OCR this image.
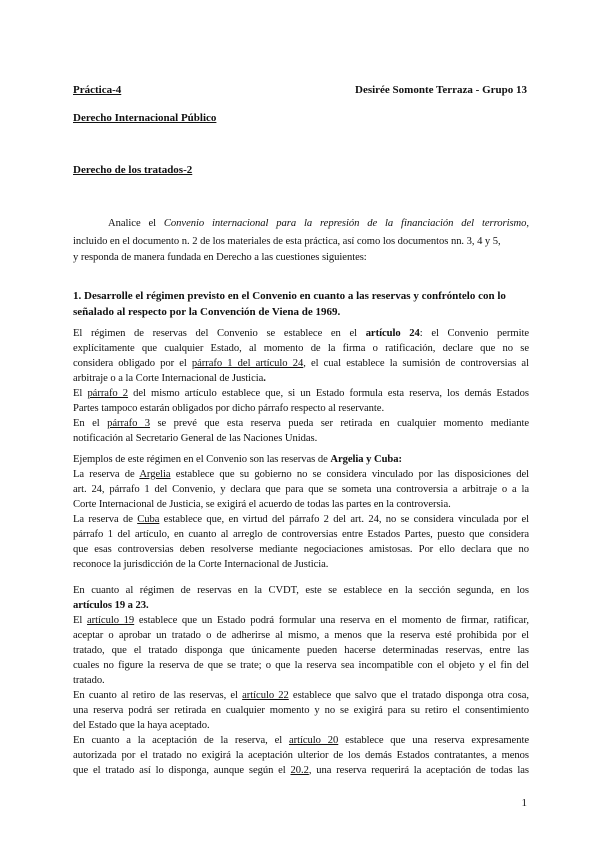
Práctica-4	Desirée Somonte Terraza - Grupo 13
Derecho Internacional Público
Derecho de los tratados-2
Analice el Convenio internacional para la represión de la financiación del terrorismo,
incluido en el documento n. 2 de los materiales de esta práctica, así como los documentos nn. 3, 4 y 5,
y responda de manera fundada en Derecho a las cuestiones siguientes:
1. Desarrolle el régimen previsto en el Convenio en cuanto a las reservas y confróntelo con lo
señalado al respecto por la Convención de Viena de 1969.
El régimen de reservas del Convenio se establece en el artículo 24: el Convenio permite
explícitamente que cualquier Estado, al momento de la firma o ratificación, declare que no se
considera obligado por el párrafo 1 del artículo 24, el cual establece la sumisión de controversias al
arbitraje o a la Corte Internacional de Justicia.
El párrafo 2 del mismo artículo establece que, si un Estado formula esta reserva, los demás Estados
Partes tampoco estarán obligados por dicho párrafo respecto al reservante.
En el párrafo 3 se prevé que esta reserva pueda ser retirada en cualquier momento mediante
notificación al Secretario General de las Naciones Unidas.
Ejemplos de este régimen en el Convenio son las reservas de Argelia y Cuba:
La reserva de Argelia establece que su gobierno no se considera vinculado por las disposiciones del
art. 24, párrafo 1 del Convenio, y declara que para que se someta una controversia a arbitraje o a la
Corte Internacional de Justicia, se exigirá el acuerdo de todas las partes en la controversia.
La reserva de Cuba establece que, en virtud del párrafo 2 del art. 24, no se considera vinculada por el
párrafo 1 del artículo, en cuanto al arreglo de controversias entre Estados Partes, puesto que considera
que esas controversias deben resolverse mediante negociaciones amistosas. Por ello declara que no
reconoce la jurisdicción de la Corte Internacional de Justicia.
En cuanto al régimen de reservas en la CVDT, este se establece en la sección segunda, en los
artículos 19 a 23.
El artículo 19 establece que un Estado podrá formular una reserva en el momento de firmar, ratificar,
aceptar o aprobar un tratado o de adherirse al mismo, a menos que la reserva esté prohibida por el
tratado, que el tratado disponga que únicamente pueden hacerse determinadas reservas, entre las
cuales no figure la reserva de que se trate; o que la reserva sea incompatible con el objeto y el fin del
tratado.
En cuanto al retiro de las reservas, el artículo 22 establece que salvo que el tratado disponga otra cosa,
una reserva podrá ser retirada en cualquier momento y no se exigirá para su retiro el consentimiento
del Estado que la haya aceptado.
En cuanto a la aceptación de la reserva, el artículo 20 establece que una reserva expresamente
autorizada por el tratado no exigirá la aceptación ulterior de los demás Estados contratantes, a menos
que el tratado así lo disponga, aunque según el 20.2, una reserva requerirá la aceptación de todas las
1
